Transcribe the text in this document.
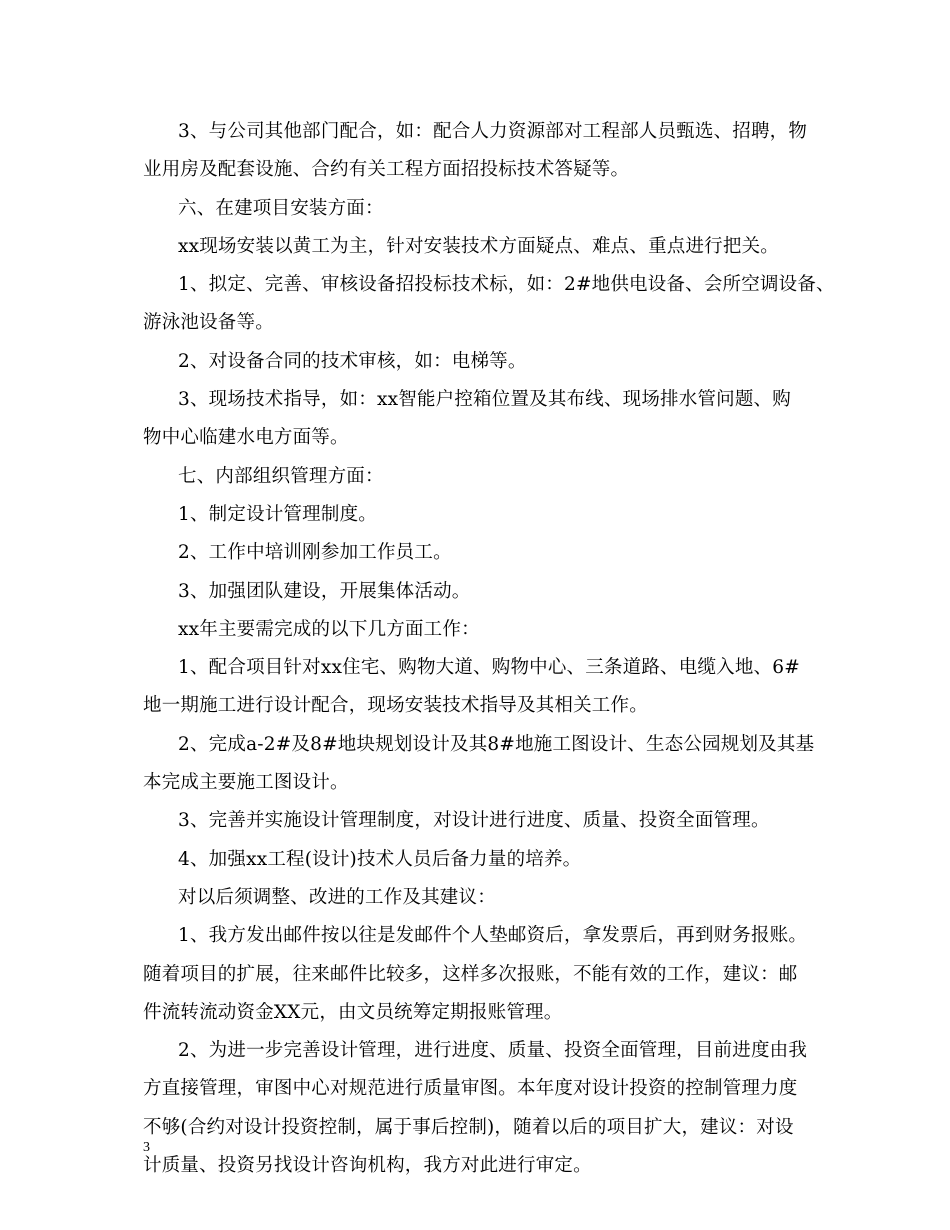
3、与公司其他部门配合，如：配合人力资源部对工程部人员甄选、招聘，物
业用房及配套设施、合约有关工程方面招投标技术答疑等。
六、在建项目安装方面：
xx现场安装以黄工为主，针对安装技术方面疑点、难点、重点进行把关。
1、拟定、完善、审核设备招投标技术标，如：2#地供电设备、会所空调设备、
游泳池设备等。
2、对设备合同的技术审核，如：电梯等。
3、现场技术指导，如：xx智能户控箱位置及其布线、现场排水管问题、购
物中心临建水电方面等。
七、内部组织管理方面：
1、制定设计管理制度。
2、工作中培训刚参加工作员工。
3、加强团队建设，开展集体活动。
xx年主要需完成的以下几方面工作：
1、配合项目针对xx住宅、购物大道、购物中心、三条道路、电缆入地、6#
地一期施工进行设计配合，现场安装技术指导及其相关工作。
2、完成a-2#及8#地块规划设计及其8#地施工图设计、生态公园规划及其基
本完成主要施工图设计。
3、完善并实施设计管理制度，对设计进行进度、质量、投资全面管理。
4、加强xx工程(设计)技术人员后备力量的培养。
对以后须调整、改进的工作及其建议：
1、我方发出邮件按以往是发邮件个人垫邮资后，拿发票后，再到财务报账。
随着项目的扩展，往来邮件比较多，这样多次报账，不能有效的工作，建议：邮
件流转流动资金XX元，由文员统筹定期报账管理。
2、为进一步完善设计管理，进行进度、质量、投资全面管理，目前进度由我
方直接管理，审图中心对规范进行质量审图。本年度对设计投资的控制管理力度
不够(合约对设计投资控制，属于事后控制)，随着以后的项目扩大，建议：对设
计质量、投资另找设计咨询机构，我方对此进行审定。
3
